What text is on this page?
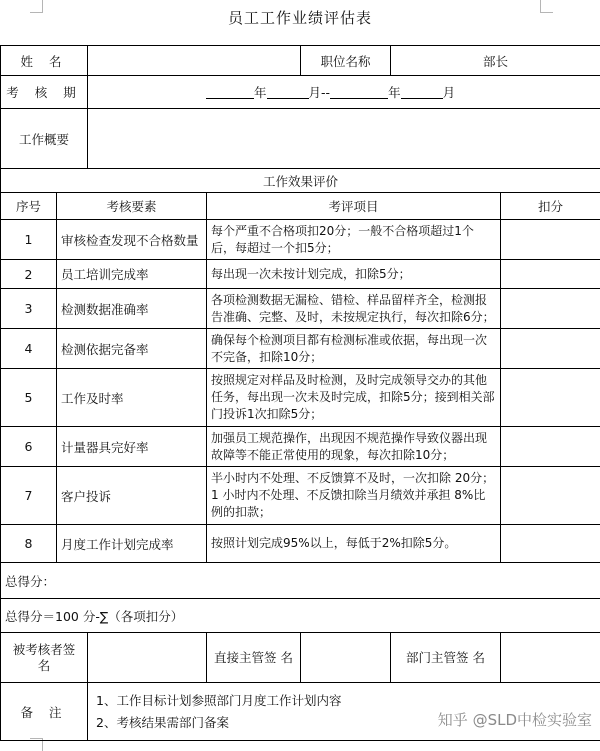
员工工作业绩评估表
姓 名				职位名称	部长	
考 核 期		年 月-- 年 月				
工作概要						
工作效果评价						
序号	考核要素		考评项目			扣分
1	审核检查发现不合格数量		每个严重不合格项扣20分；一般不合格项超过1个后，每超过一个扣5分；			
2	员工培训完成率		每出现一次未按计划完成，扣除5分；			
3	检测数据准确率		各项检测数据无漏检、错检、样品留样齐全，检测报告准确、完整、及时，未按规定执行，每次扣除6分；			
4	检测依据完备率		确保每个检测项目都有检测标准或依据，每出现一次不完备，扣除10分；			
5	工作及时率		按照规定对样品及时检测，及时完成领导交办的其他任务，每出现一次未及时完成，扣除5分；接到相关部门投诉1次扣除5分；			
6	计量器具完好率		加强员工规范操作，出现因不规范操作导致仪器出现故障等不能正常使用的现象，每次扣除10分；			
7	客户投诉		半小时内不处理、不反馈算不及时，一次扣除 20分；1 小时内不处理、不反馈扣除当月绩效并承担 8%比例的扣款；			
8	月度工作计划完成率		按照计划完成95%以上，每低于2%扣除5分。			
总得分：						
总得分＝100 分-∑（各项扣分）						
被考核者签 名			直接主管签 名		部门主管签 名	
备 注		1、工作目标计划参照部门月度工作计划内容
2、考核结果需部门备案					知乎 @SLD中检实验室
